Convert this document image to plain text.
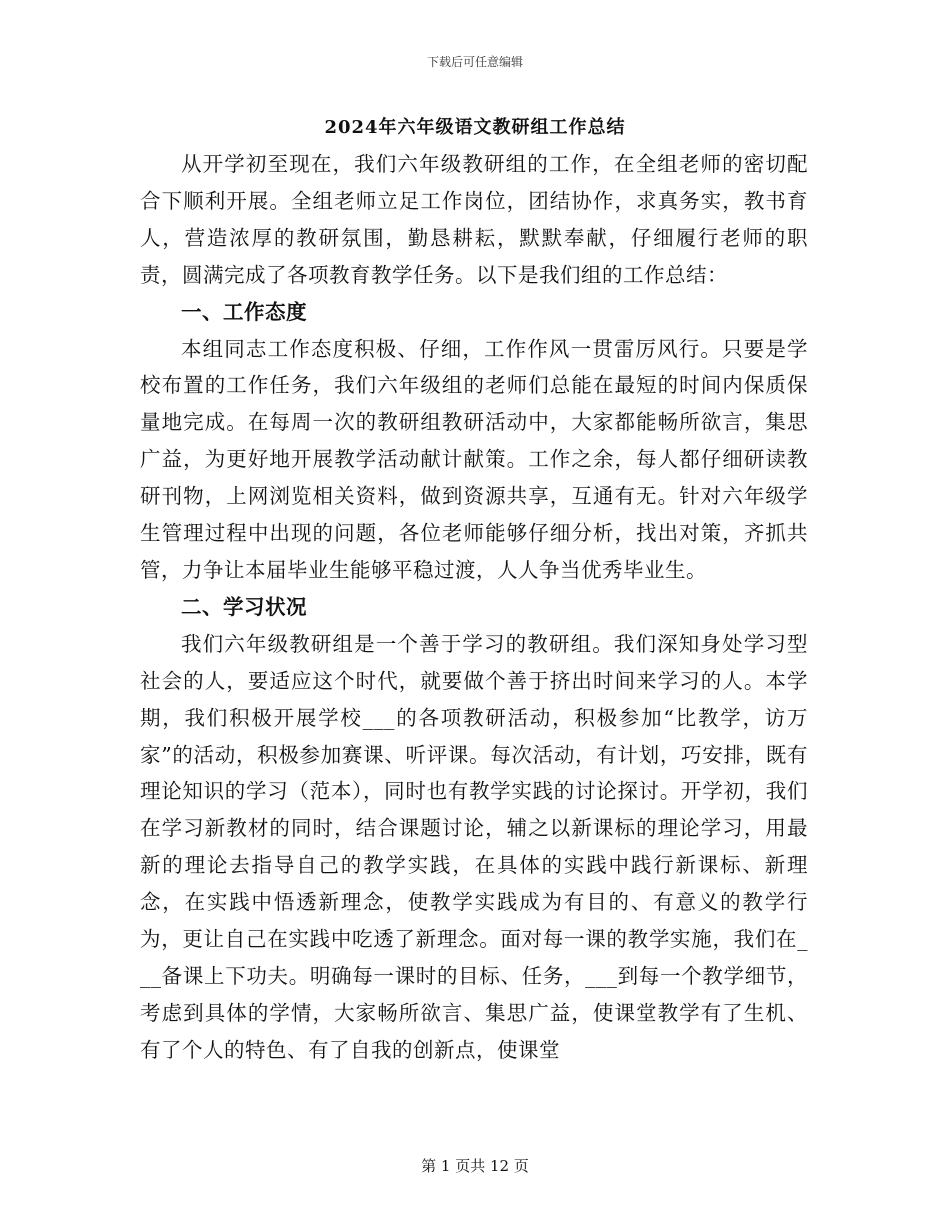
下载后可任意编辑
2024年六年级语文教研组工作总结

从开学初至现在，我们六年级教研组的工作，在全组老师的密切配合下顺利开展。全组老师立足工作岗位，团结协作，求真务实，教书育人，营造浓厚的教研氛围，勤恳耕耘，默默奉献，仔细履行老师的职责，圆满完成了各项教育教学任务。以下是我们组的工作总结：

一、工作态度

本组同志工作态度积极、仔细，工作作风一贯雷厉风行。只要是学校布置的工作任务，我们六年级组的老师们总能在最短的时间内保质保量地完成。在每周一次的教研组教研活动中，大家都能畅所欲言，集思广益，为更好地开展教学活动献计献策。工作之余，每人都仔细研读教研刊物，上网浏览相关资料，做到资源共享，互通有无。针对六年级学生管理过程中出现的问题，各位老师能够仔细分析，找出对策，齐抓共管，力争让本届毕业生能够平稳过渡，人人争当优秀毕业生。

二、学习状况

我们六年级教研组是一个善于学习的教研组。我们深知身处学习型社会的人，要适应这个时代，就要做个善于挤出时间来学习的人。本学期，我们积极开展学校___的各项教研活动，积极参加“比教学，访万家”的活动，积极参加赛课、听评课。每次活动，有计划，巧安排，既有理论知识的学习（范本），同时也有教学实践的讨论探讨。开学初，我们在学习新教材的同时，结合课题讨论，辅之以新课标的理论学习，用最新的理论去指导自己的教学实践，在具体的实践中践行新课标、新理念，在实践中悟透新理念，使教学实践成为有目的、有意义的教学行为，更让自己在实践中吃透了新理念。面对每一课的教学实施，我们在___备课上下功夫。明确每一课时的目标、任务，___到每一个教学细节，考虑到具体的学情，大家畅所欲言、集思广益，使课堂教学有了生机、有了个人的特色、有了自我的创新点，使课堂

第 1 页共 12 页
